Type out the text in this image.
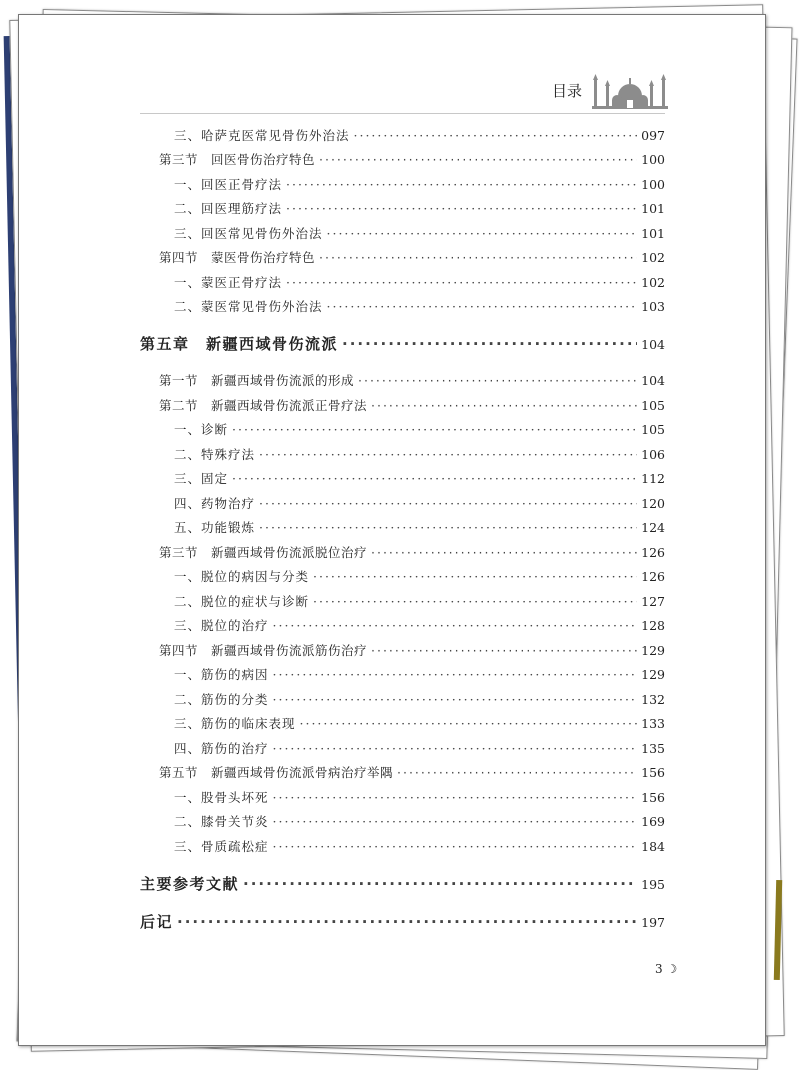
目录
三、哈萨克医常见骨伤外治法 ·····	097
第三节　回医骨伤治疗特色 ·····	100
一、回医正骨疗法 ·····	100
二、回医理筋疗法 ·····	101
三、回医常见骨伤外治法 ·····	101
第四节　蒙医骨伤治疗特色 ·····	102
一、蒙医正骨疗法 ·····	102
二、蒙医常见骨伤外治法 ·····	103
第五章　新疆西域骨伤流派 ·····	104
第一节　新疆西域骨伤流派的形成 ·····	104
第二节　新疆西域骨伤流派正骨疗法 ·····	105
一、诊断 ·····	105
二、特殊疗法 ·····	106
三、固定 ·····	112
四、药物治疗 ·····	120
五、功能锻炼 ·····	124
第三节　新疆西域骨伤流派脱位治疗 ·····	126
一、脱位的病因与分类 ·····	126
二、脱位的症状与诊断 ·····	127
三、脱位的治疗 ·····	128
第四节　新疆西域骨伤流派筋伤治疗 ·····	129
一、筋伤的病因 ·····	129
二、筋伤的分类 ·····	132
三、筋伤的临床表现 ·····	133
四、筋伤的治疗 ·····	135
第五节　新疆西域骨伤流派骨病治疗举隅 ·····	156
一、股骨头坏死 ·····	156
二、膝骨关节炎 ·····	169
三、骨质疏松症 ·····	184
主要参考文献 ·····	195
后记 ·····	197
3 ☽
